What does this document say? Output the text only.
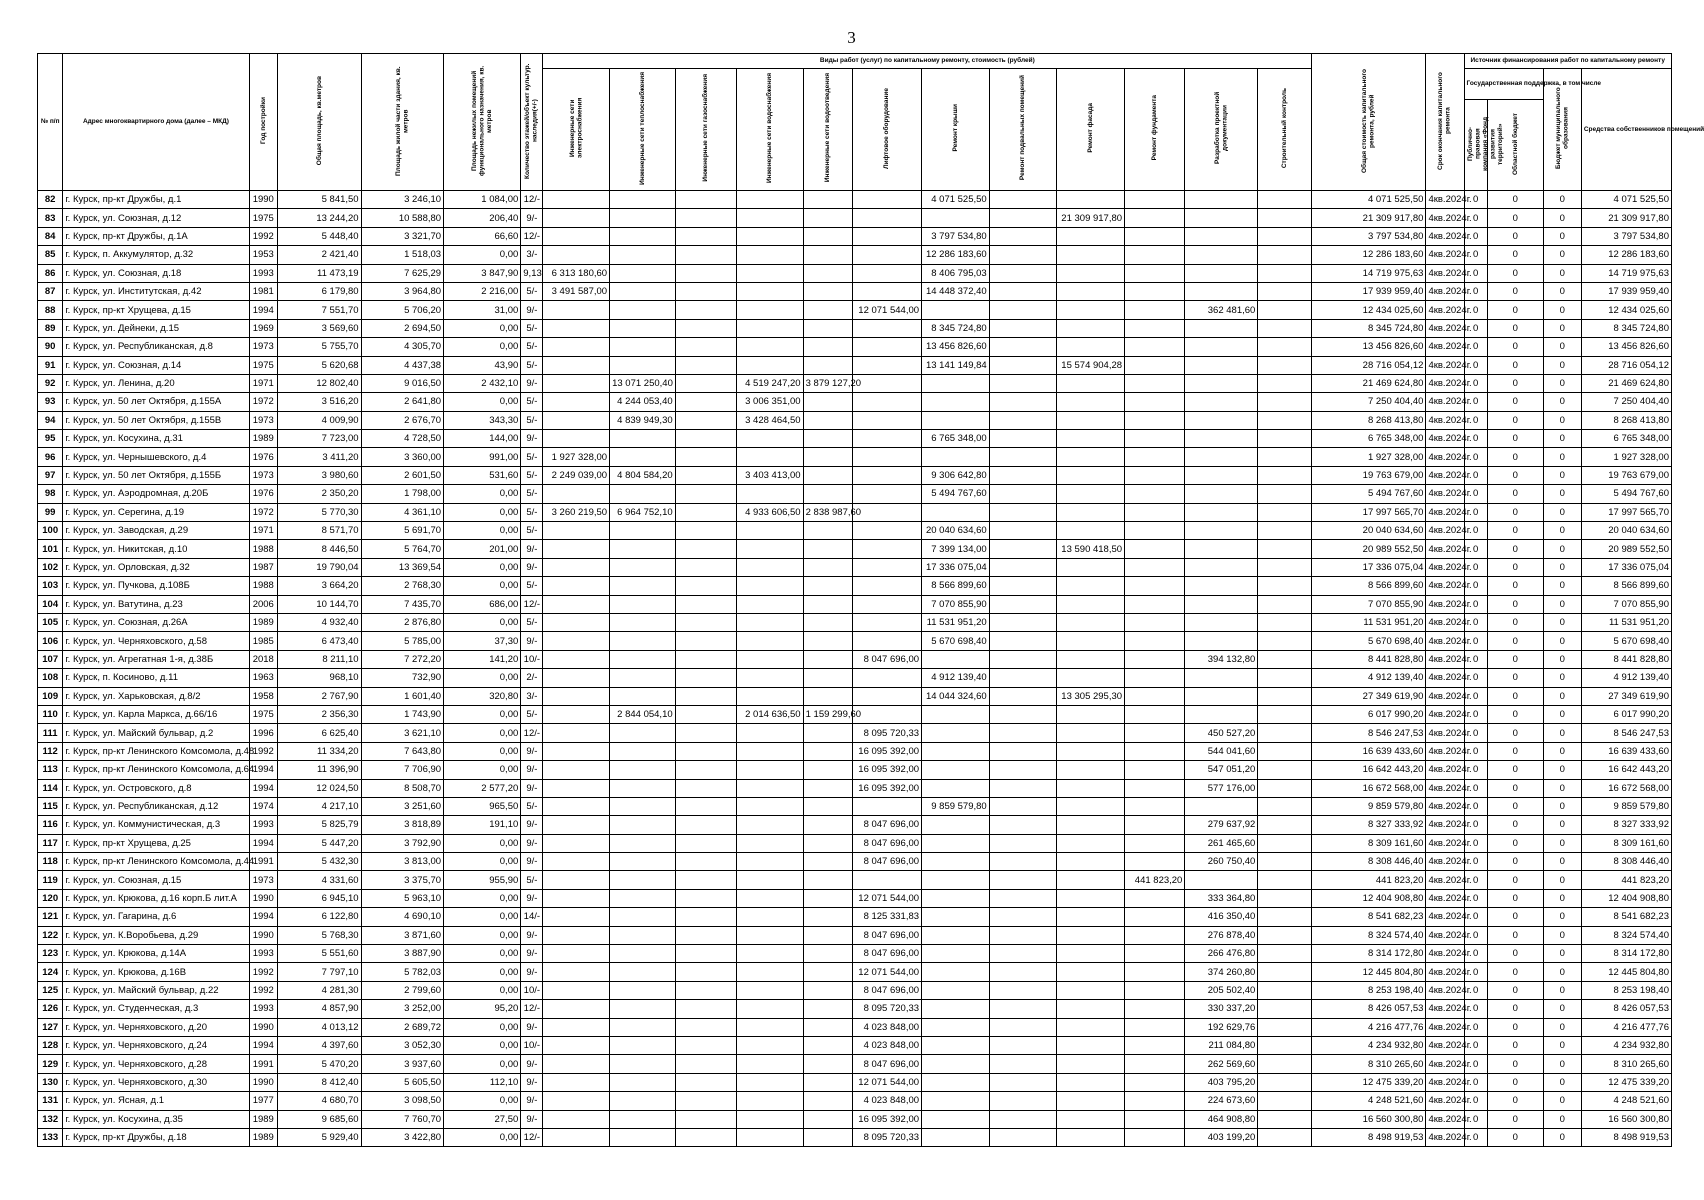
3
№ п/п	Адрес многоквартирного дома (далее – МКД)	Год постройки	Общая площадь, кв.метров	Площадь жилой части здания, кв. метров	Площадь нежилых помещений функционального назначения, кв. метров	Количество этажей/объект культур. наследия(+/-)	Виды работ (услуг) по капитальному ремонту, стоимость (рублей)												Общая стоимость капитального ремонта, рублей	Срок окончания капитального ремонта	Источник финансирования работ по капитальному ремонту			
							Инженерные сети электроснабжения	Инженерные сети теплоснабжения	Инженерные сети газоснабжения	Инженерные сети водоснабжения	Инженерные сети водоотведения	Лифтовое оборудование	Ремонт крыши	Ремонт подвальных помещений	Ремонт фасада	Ремонт фундамента	Разработка проектной документации	Строительный контроль			Государственная поддержка, в том числе		Бюджет муниципального образования	Средства собственников помещений
																					Публично-правовая компания «Фонд развития территорий»	Областной бюджет		
82	г. Курск, пр-кт Дружбы, д.1	1990	5 841,50	3 246,10	1 084,00	12/-							4 071 525,50						4 071 525,50	4кв.2024г.	0	0	0	4 071 525,50
83	г. Курск, ул. Союзная, д.12	1975	13 244,20	10 588,80	206,40	9/-									21 309 917,80				21 309 917,80	4кв.2024г.	0	0	0	21 309 917,80
84	г. Курск, пр-кт Дружбы, д.1А	1992	5 448,40	3 321,70	66,60	12/-							3 797 534,80						3 797 534,80	4кв.2024г.	0	0	0	3 797 534,80
85	г. Курск, п. Аккумулятор, д.32	1953	2 421,40	1 518,03	0,00	3/-							12 286 183,60						12 286 183,60	4кв.2024г.	0	0	0	12 286 183,60
86	г. Курск, ул. Союзная, д.18	1993	11 473,19	7 625,29	3 847,90	9,13	6 313 180,60						8 406 795,03						14 719 975,63	4кв.2024г.	0	0	0	14 719 975,63
87	г. Курск, ул. Институтская, д.42	1981	6 179,80	3 964,80	2 216,00	5/-	3 491 587,00						14 448 372,40						17 939 959,40	4кв.2024г.	0	0	0	17 939 959,40
88	г. Курск, пр-кт Хрущева, д.15	1994	7 551,70	5 706,20	31,00	9/-						12 071 544,00					362 481,60		12 434 025,60	4кв.2024г.	0	0	0	12 434 025,60
89	г. Курск, ул. Дейнеки, д.15	1969	3 569,60	2 694,50	0,00	5/-							8 345 724,80						8 345 724,80	4кв.2024г.	0	0	0	8 345 724,80
90	г. Курск, ул. Республиканская, д.8	1973	5 755,70	4 305,70	0,00	5/-							13 456 826,60						13 456 826,60	4кв.2024г.	0	0	0	13 456 826,60
91	г. Курск, ул. Союзная, д.14	1975	5 620,68	4 437,38	43,90	5/-							13 141 149,84		15 574 904,28				28 716 054,12	4кв.2024г.	0	0	0	28 716 054,12
92	г. Курск, ул. Ленина, д.20	1971	12 802,40	9 016,50	2 432,10	9/-		13 071 250,40		4 519 247,20	3 879 127,20								21 469 624,80	4кв.2024г.	0	0	0	21 469 624,80
93	г. Курск, ул. 50 лет Октября, д.155А	1972	3 516,20	2 641,80	0,00	5/-		4 244 053,40		3 006 351,00									7 250 404,40	4кв.2024г.	0	0	0	7 250 404,40
94	г. Курск, ул. 50 лет Октября, д.155В	1973	4 009,90	2 676,70	343,30	5/-		4 839 949,30		3 428 464,50									8 268 413,80	4кв.2024г.	0	0	0	8 268 413,80
95	г. Курск, ул. Косухина, д.31	1989	7 723,00	4 728,50	144,00	9/-							6 765 348,00						6 765 348,00	4кв.2024г.	0	0	0	6 765 348,00
96	г. Курск, ул. Чернышевского, д.4	1976	3 411,20	3 360,00	991,00	5/-	1 927 328,00												1 927 328,00	4кв.2024г.	0	0	0	1 927 328,00
97	г. Курск, ул. 50 лет Октября, д.155Б	1973	3 980,60	2 601,50	531,60	5/-	2 249 039,00	4 804 584,20		3 403 413,00			9 306 642,80						19 763 679,00	4кв.2024г.	0	0	0	19 763 679,00
98	г. Курск, ул. Аэродромная, д.20Б	1976	2 350,20	1 798,00	0,00	5/-							5 494 767,60						5 494 767,60	4кв.2024г.	0	0	0	5 494 767,60
99	г. Курск, ул. Серегина, д.19	1972	5 770,30	4 361,10	0,00	5/-	3 260 219,50	6 964 752,10		4 933 606,50	2 838 987,60								17 997 565,70	4кв.2024г.	0	0	0	17 997 565,70
100	г. Курск, ул. Заводская, д.29	1971	8 571,70	5 691,70	0,00	5/-							20 040 634,60						20 040 634,60	4кв.2024г.	0	0	0	20 040 634,60
101	г. Курск, ул. Никитская, д.10	1988	8 446,50	5 764,70	201,00	9/-							7 399 134,00		13 590 418,50				20 989 552,50	4кв.2024г.	0	0	0	20 989 552,50
102	г. Курск, ул. Орловская, д.32	1987	19 790,04	13 369,54	0,00	9/-							17 336 075,04						17 336 075,04	4кв.2024г.	0	0	0	17 336 075,04
103	г. Курск, ул. Пучкова, д.108Б	1988	3 664,20	2 768,30	0,00	5/-							8 566 899,60						8 566 899,60	4кв.2024г.	0	0	0	8 566 899,60
104	г. Курск, ул. Ватутина, д.23	2006	10 144,70	7 435,70	686,00	12/-							7 070 855,90						7 070 855,90	4кв.2024г.	0	0	0	7 070 855,90
105	г. Курск, ул. Союзная, д.26А	1989	4 932,40	2 876,80	0,00	5/-							11 531 951,20						11 531 951,20	4кв.2024г.	0	0	0	11 531 951,20
106	г. Курск, ул. Черняховского, д.58	1985	6 473,40	5 785,00	37,30	9/-							5 670 698,40						5 670 698,40	4кв.2024г.	0	0	0	5 670 698,40
107	г. Курск, ул. Агрегатная 1-я, д.38Б	2018	8 211,10	7 272,20	141,20	10/-						8 047 696,00					394 132,80		8 441 828,80	4кв.2024г.	0	0	0	8 441 828,80
108	г. Курск, п. Косиново, д.11	1963	968,10	732,90	0,00	2/-							4 912 139,40						4 912 139,40	4кв.2024г.	0	0	0	4 912 139,40
109	г. Курск, ул. Харьковская, д.8/2	1958	2 767,90	1 601,40	320,80	3/-							14 044 324,60		13 305 295,30				27 349 619,90	4кв.2024г.	0	0	0	27 349 619,90
110	г. Курск, ул. Карла Маркса, д.66/16	1975	2 356,30	1 743,90	0,00	5/-		2 844 054,10		2 014 636,50	1 159 299,60								6 017 990,20	4кв.2024г.	0	0	0	6 017 990,20
111	г. Курск, ул. Майский бульвар, д.2	1996	6 625,40	3 621,10	0,00	12/-						8 095 720,33					450 527,20		8 546 247,53	4кв.2024г.	0	0	0	8 546 247,53
112	г. Курск, пр-кт Ленинского Комсомола, д.48	1992	11 334,20	7 643,80	0,00	9/-						16 095 392,00					544 041,60		16 639 433,60	4кв.2024г.	0	0	0	16 639 433,60
113	г. Курск, пр-кт Ленинского Комсомола, д.64	1994	11 396,90	7 706,90	0,00	9/-						16 095 392,00					547 051,20		16 642 443,20	4кв.2024г.	0	0	0	16 642 443,20
114	г. Курск, ул. Островского, д.8	1994	12 024,50	8 508,70	2 577,20	9/-						16 095 392,00					577 176,00		16 672 568,00	4кв.2024г.	0	0	0	16 672 568,00
115	г. Курск, ул. Республиканская, д.12	1974	4 217,10	3 251,60	965,50	5/-							9 859 579,80						9 859 579,80	4кв.2024г.	0	0	0	9 859 579,80
116	г. Курск, ул. Коммунистическая, д.3	1993	5 825,79	3 818,89	191,10	9/-						8 047 696,00					279 637,92		8 327 333,92	4кв.2024г.	0	0	0	8 327 333,92
117	г. Курск, пр-кт Хрущева, д.25	1994	5 447,20	3 792,90	0,00	9/-						8 047 696,00					261 465,60		8 309 161,60	4кв.2024г.	0	0	0	8 309 161,60
118	г. Курск, пр-кт Ленинского Комсомола, д.44	1991	5 432,30	3 813,00	0,00	9/-						8 047 696,00					260 750,40		8 308 446,40	4кв.2024г.	0	0	0	8 308 446,40
119	г. Курск, ул. Союзная, д.15	1973	4 331,60	3 375,70	955,90	5/-										441 823,20			441 823,20	4кв.2024г.	0	0	0	441 823,20
120	г. Курск, ул. Крюкова, д.16 корп.Б лит.А	1990	6 945,10	5 963,10	0,00	9/-						12 071 544,00					333 364,80		12 404 908,80	4кв.2024г.	0	0	0	12 404 908,80
121	г. Курск, ул. Гагарина, д.6	1994	6 122,80	4 690,10	0,00	14/-						8 125 331,83					416 350,40		8 541 682,23	4кв.2024г.	0	0	0	8 541 682,23
122	г. Курск, ул. К.Воробьева, д.29	1990	5 768,30	3 871,60	0,00	9/-						8 047 696,00					276 878,40		8 324 574,40	4кв.2024г.	0	0	0	8 324 574,40
123	г. Курск, ул. Крюкова, д.14А	1993	5 551,60	3 887,90	0,00	9/-						8 047 696,00					266 476,80		8 314 172,80	4кв.2024г.	0	0	0	8 314 172,80
124	г. Курск, ул. Крюкова, д.16В	1992	7 797,10	5 782,03	0,00	9/-						12 071 544,00					374 260,80		12 445 804,80	4кв.2024г.	0	0	0	12 445 804,80
125	г. Курск, ул. Майский бульвар, д.22	1992	4 281,30	2 799,60	0,00	10/-						8 047 696,00					205 502,40		8 253 198,40	4кв.2024г.	0	0	0	8 253 198,40
126	г. Курск, ул. Студенческая, д.3	1993	4 857,90	3 252,00	95,20	12/-						8 095 720,33					330 337,20		8 426 057,53	4кв.2024г.	0	0	0	8 426 057,53
127	г. Курск, ул. Черняховского, д.20	1990	4 013,12	2 689,72	0,00	9/-						4 023 848,00					192 629,76		4 216 477,76	4кв.2024г.	0	0	0	4 216 477,76
128	г. Курск, ул. Черняховского, д.24	1994	4 397,60	3 052,30	0,00	10/-						4 023 848,00					211 084,80		4 234 932,80	4кв.2024г.	0	0	0	4 234 932,80
129	г. Курск, ул. Черняховского, д.28	1991	5 470,20	3 937,60	0,00	9/-						8 047 696,00					262 569,60		8 310 265,60	4кв.2024г.	0	0	0	8 310 265,60
130	г. Курск, ул. Черняховского, д.30	1990	8 412,40	5 605,50	112,10	9/-						12 071 544,00					403 795,20		12 475 339,20	4кв.2024г.	0	0	0	12 475 339,20
131	г. Курск, ул. Ясная, д.1	1977	4 680,70	3 098,50	0,00	9/-						4 023 848,00					224 673,60		4 248 521,60	4кв.2024г.	0	0	0	4 248 521,60
132	г. Курск, ул. Косухина, д.35	1989	9 685,60	7 760,70	27,50	9/-						16 095 392,00					464 908,80		16 560 300,80	4кв.2024г.	0	0	0	16 560 300,80
133	г. Курск, пр-кт Дружбы, д.18	1989	5 929,40	3 422,80	0,00	12/-						8 095 720,33					403 199,20		8 498 919,53	4кв.2024г.	0	0	0	8 498 919,53
